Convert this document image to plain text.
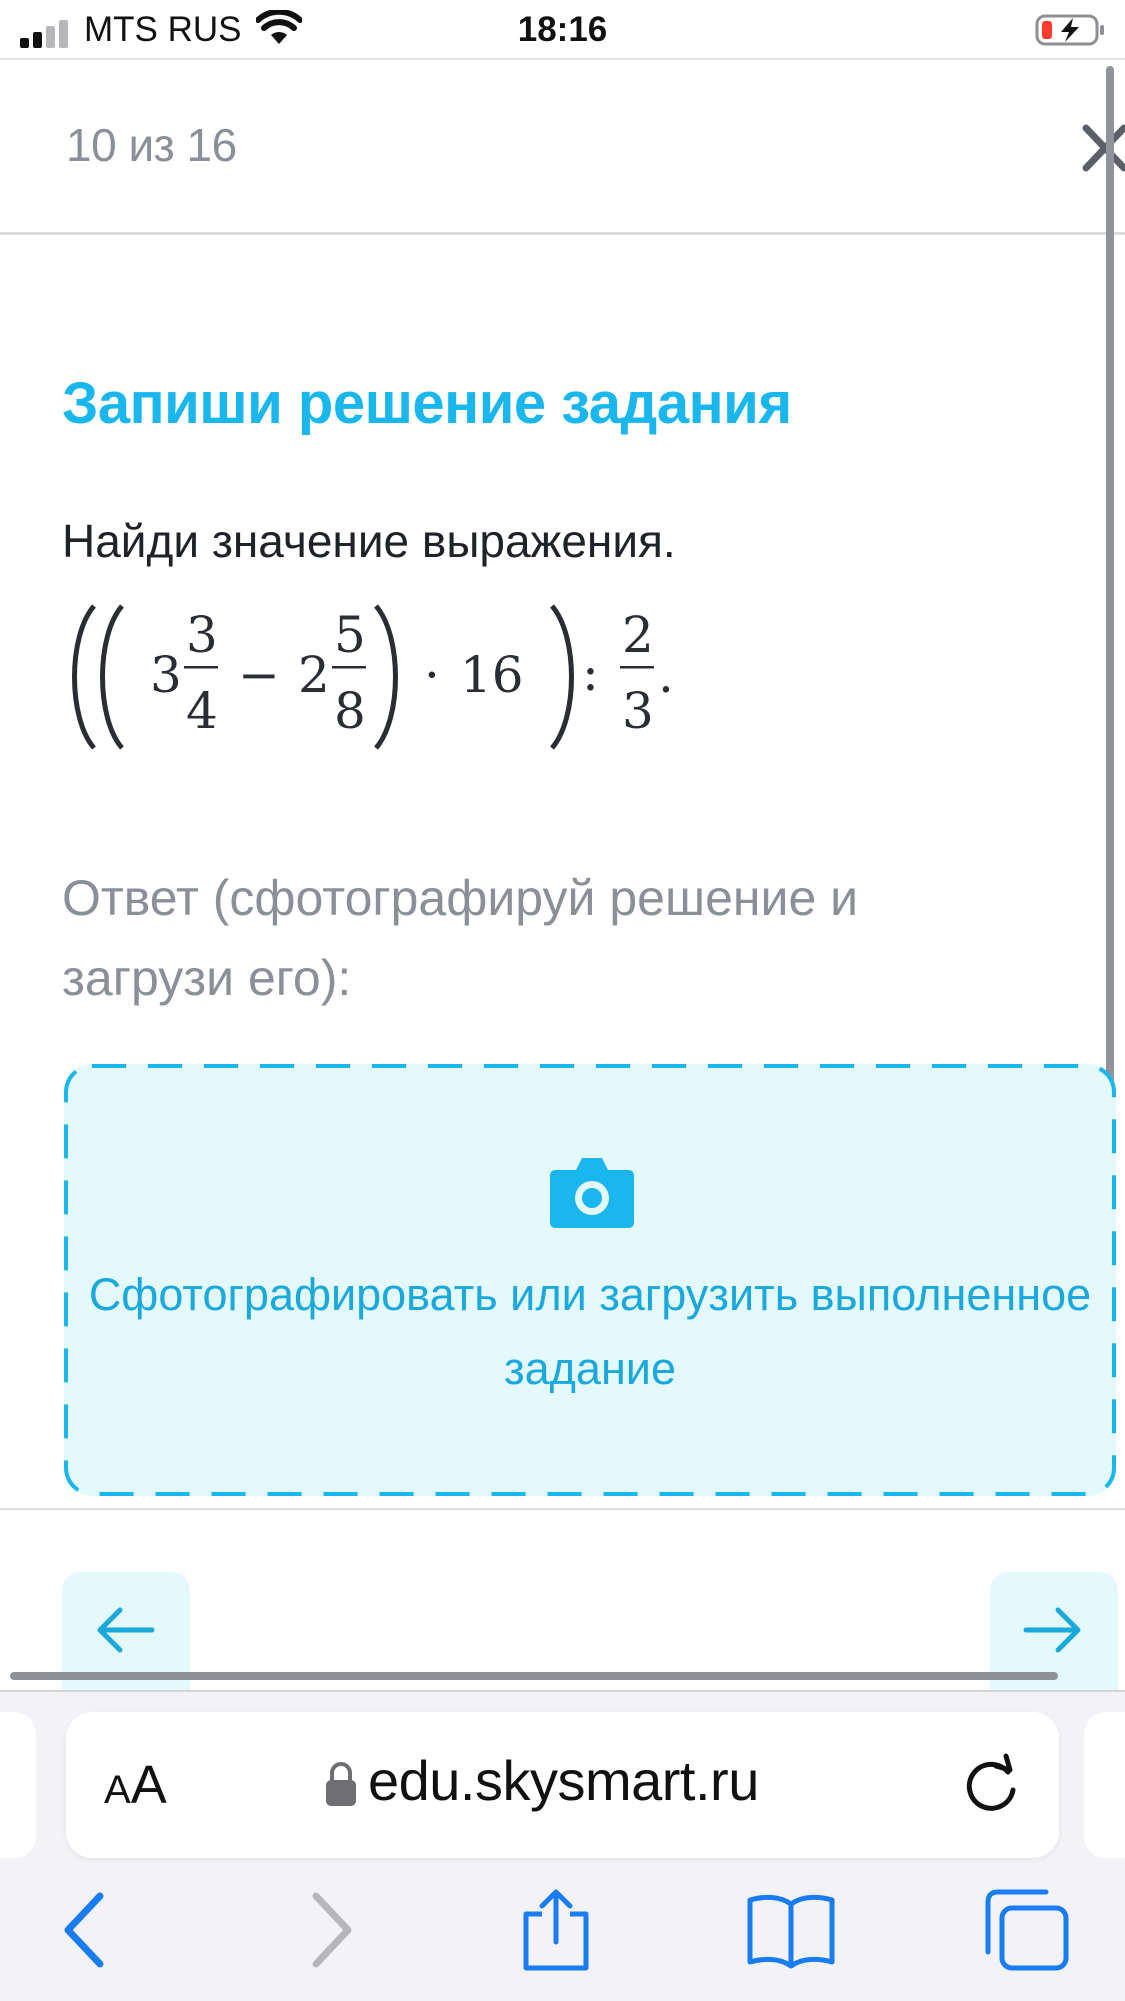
MTS RUS	18:16
10 из 16
Запиши решение задания
Найди значение выражения.
3
3
4
− 2
5
8
· 16 :
2
3
.
Ответ (сфотографируй решение и загрузи его):
Сфотографировать или загрузить выполненное задание
AA	edu.skysmart.ru
